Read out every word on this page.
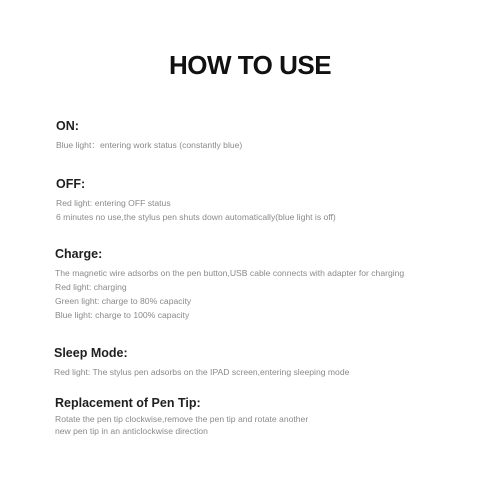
HOW TO USE
ON:

Blue light：entering work status (constantly blue)

OFF:

Red light: entering OFF status

6 minutes no use,the stylus pen shuts down automatically(blue light is off)

Charge:

The magnetic wire adsorbs on the pen button,USB cable connects with adapter for charging

Red light: charging

Green light: charge to 80% capacity

Blue light: charge to 100% capacity

Sleep Mode:

Red light: The stylus pen adsorbs on the IPAD screen,entering sleeping mode

Replacement of Pen Tip:

Rotate the pen tip clockwise,remove the pen tip and rotate another

new pen tip in an anticlockwise direction
